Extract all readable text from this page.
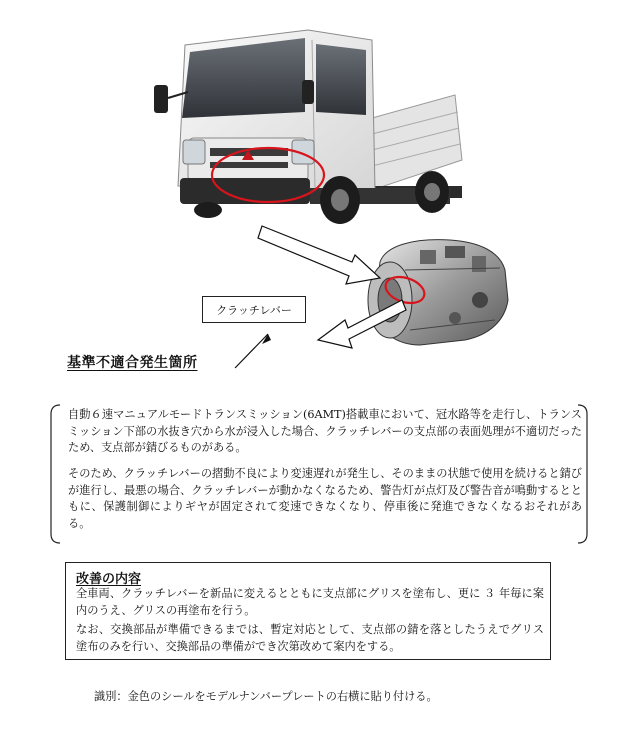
クラッチレバー
基準不適合発生箇所

自動６速マニュアルモードトランスミッション(6AMT)搭載車において、冠水路等を走行し、トランスミッション下部の水抜き穴から水が浸入した場合、クラッチレバーの支点部の表面処理が不適切だったため、支点部が錆びるものがある。

そのため、クラッチレバーの摺動不良により変速遅れが発生し、そのままの状態で使用を続けると錆びが進行し、最悪の場合、クラッチレバーが動かなくなるため、警告灯が点灯及び警告音が鳴動するとともに、保護制御によりギヤが固定されて変速できなくなり、停車後に発進できなくなるおそれがある。

改善の内容

全車両、クラッチレバーを新品に変えるとともに支点部にグリスを塗布し、更に ３ 年毎に案内のうえ、グリスの再塗布を行う。

なお、交換部品が準備できるまでは、暫定対応として、支点部の錆を落としたうえでグリス塗布のみを行い、交換部品の準備ができ次第改めて案内をする。

識別：金色のシールをモデルナンバープレートの右横に貼り付ける。
